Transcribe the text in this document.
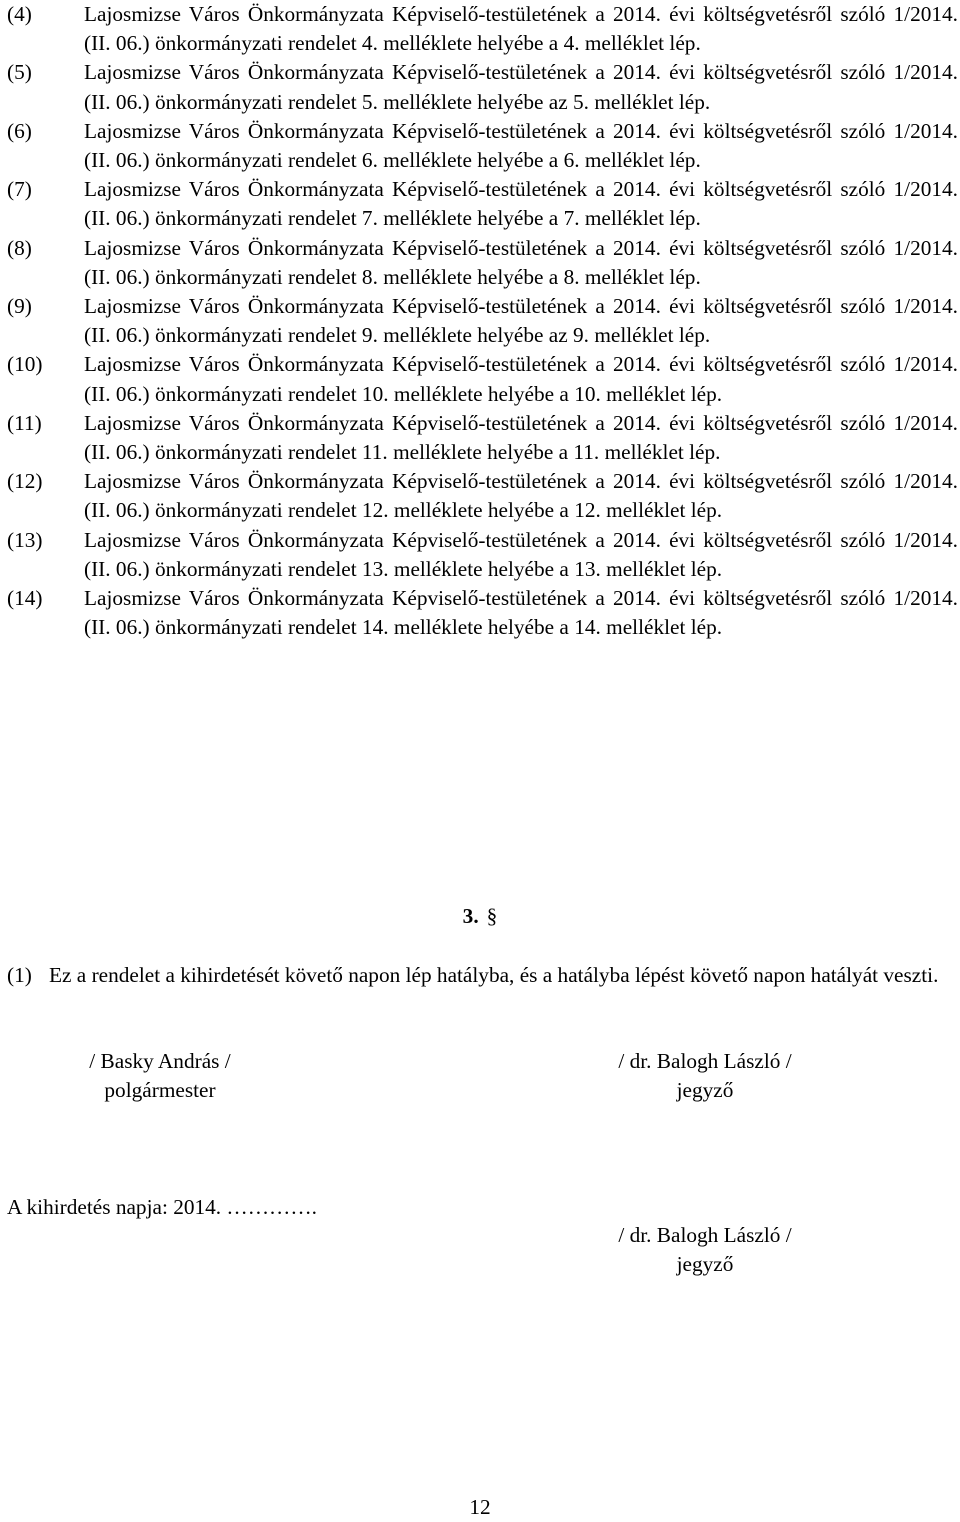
(4)	Lajosmizse Város Önkormányzata Képviselő-testületének a 2014. évi költségvetésről szóló 1/2014. (II. 06.) önkormányzati rendelet 4. melléklete helyébe a 4. melléklet lép.
(5)	Lajosmizse Város Önkormányzata Képviselő-testületének a 2014. évi költségvetésről szóló 1/2014. (II. 06.) önkormányzati rendelet 5. melléklete helyébe az 5. melléklet lép.
(6)	Lajosmizse Város Önkormányzata Képviselő-testületének a 2014. évi költségvetésről szóló 1/2014. (II. 06.) önkormányzati rendelet 6. melléklete helyébe a 6. melléklet lép.
(7)	Lajosmizse Város Önkormányzata Képviselő-testületének a 2014. évi költségvetésről szóló 1/2014. (II. 06.) önkormányzati rendelet 7. melléklete helyébe a 7. melléklet lép.
(8)	Lajosmizse Város Önkormányzata Képviselő-testületének a 2014. évi költségvetésről szóló 1/2014. (II. 06.) önkormányzati rendelet 8. melléklete helyébe a 8. melléklet lép.
(9)	Lajosmizse Város Önkormányzata Képviselő-testületének a 2014. évi költségvetésről szóló 1/2014. (II. 06.) önkormányzati rendelet 9. melléklete helyébe az 9. melléklet lép.
(10)	Lajosmizse Város Önkormányzata Képviselő-testületének a 2014. évi költségvetésről szóló 1/2014. (II. 06.) önkormányzati rendelet 10. melléklete helyébe a 10. melléklet lép.
(11)	Lajosmizse Város Önkormányzata Képviselő-testületének a 2014. évi költségvetésről szóló 1/2014. (II. 06.) önkormányzati rendelet 11. melléklete helyébe a 11. melléklet lép.
(12)	Lajosmizse Város Önkormányzata Képviselő-testületének a 2014. évi költségvetésről szóló 1/2014. (II. 06.) önkormányzati rendelet 12. melléklete helyébe a 12. melléklet lép.
(13)	Lajosmizse Város Önkormányzata Képviselő-testületének a 2014. évi költségvetésről szóló 1/2014. (II. 06.) önkormányzati rendelet 13. melléklete helyébe a 13. melléklet lép.
(14)	Lajosmizse Város Önkormányzata Képviselő-testületének a 2014. évi költségvetésről szóló 1/2014. (II. 06.) önkormányzati rendelet 14. melléklete helyébe a 14. melléklet lép.
3. §
(1) Ez a rendelet a kihirdetését követő napon lép hatályba, és a hatályba lépést követő napon hatályát veszti.
/ Basky András /
polgármester
/ dr. Balogh László /
jegyző
A kihirdetés napja: 2014. ………….
/ dr. Balogh László /
jegyző
12
